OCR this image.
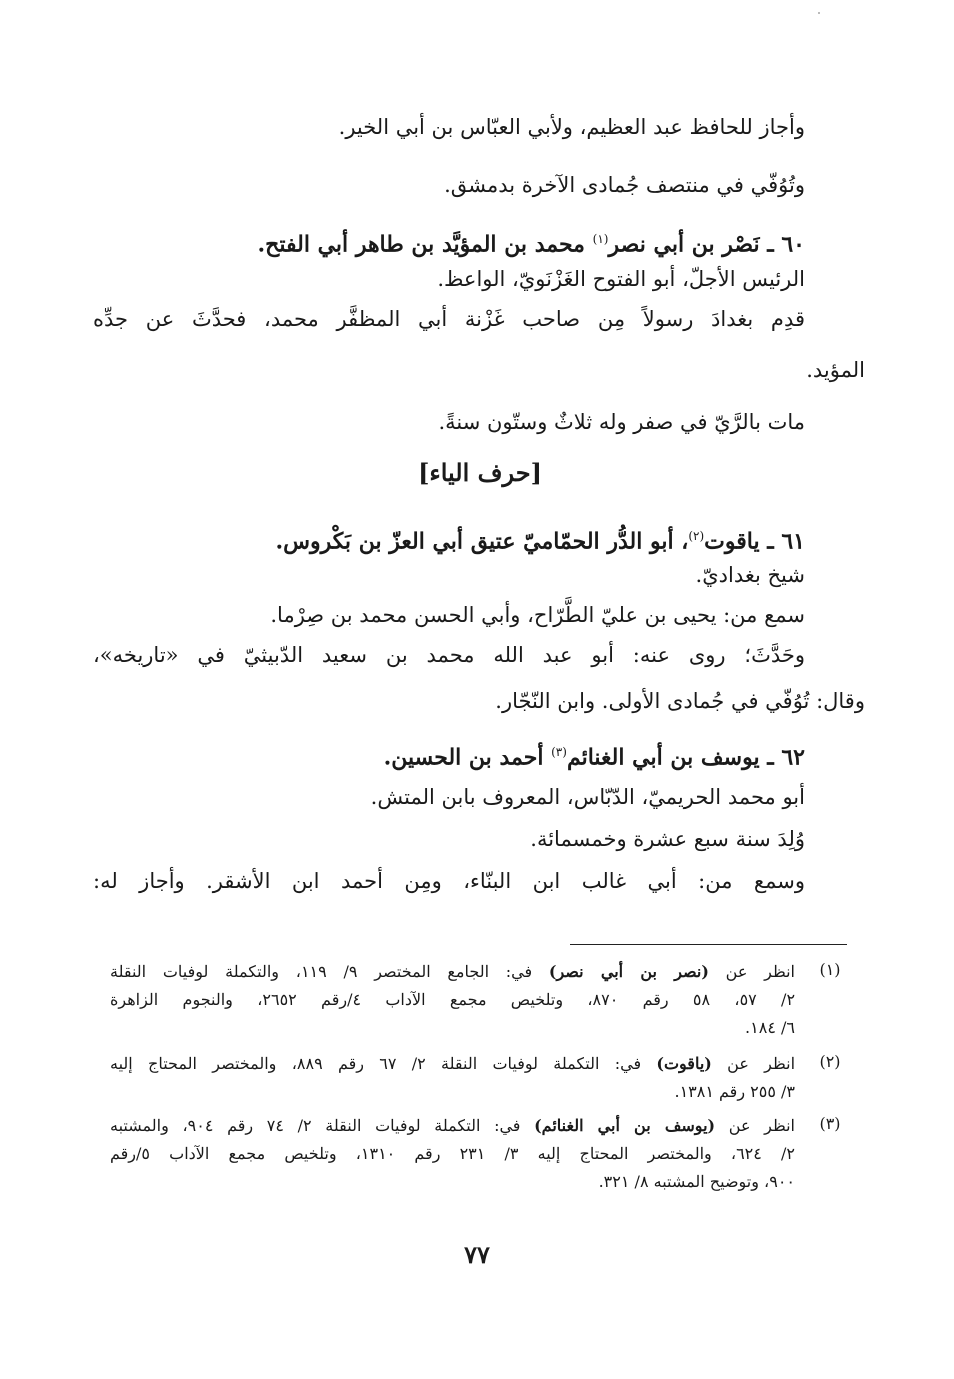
وأجاز للحافظ عبد العظيم، ولأبي العبّاس بن أبي الخير.
وتُوُفّي في منتصف جُمادى الآخرة بدمشق.
٦٠ ـ نَصْر بن أبي نصر$^{(١)}$ محمد بن المؤيَّد بن طاهر أبي الفتح.
الرئيس الأجلّ، أبو الفتوح الغَزْنَويّ، الواعظ.
قدِم بغدادَ رسولاً مِن صاحب غَزْنة أبي المظفَّر محمد، فحدَّثَ عن جدِّه
المؤيد.
مات بالرَّيّ في صفر وله ثلاثٌ وستّون سنةً.
[حرف الياء]
٦١ ـ ياقوت$^{(٢)}$، أبو الدُّر الحمّاميّ عتيق أبي العزّ بن بَكْروس.
شيخ بغداديّ.
سمع من: يحيى بن عليّ الطَّرّاح، وأبي الحسن محمد بن صِرْما.
وحَدَّثَ؛ روى عنه: أبو عبد الله محمد بن سعيد الدّبيثيّ في «تاريخه»،
وقال: تُوُفّي في جُمادى الأولى. وابن النّجّار.
٦٢ ـ يوسف بن أبي الغنائم$^{(٣)}$ أحمد بن الحسين.
أبو محمد الحريميّ، الدّبّاس، المعروف بابن المتش.
وُلِدَ سنة سبع عشرة وخمسمائة.
وسمع من: أبي غالب ابن البنّاء، ومِن أحمد ابن الأشقر. وأجاز له:
(١)
انظر عن (نصر بن أبي نصر) في: الجامع المختصر ٩/ ١١٩، والتكملة لوفيات النقلة
٢/ ٥٧، ٥٨ رقم ٨٧٠، وتلخيص مجمع الآداب ٤/رقم ٢٦٥٢، والنجوم الزاهرة
٦/ ١٨٤.
(٢)
انظر عن (ياقوت) في: التكملة لوفيات النقلة ٢/ ٦٧ رقم ٨٨٩، والمختصر المحتاج إليه
٣/ ٢٥٥ رقم ١٣٨١.
(٣)
انظر عن (يوسف بن أبي الغنائم) في: التكملة لوفيات النقلة ٢/ ٧٤ رقم ٩٠٤، والمشتبه
٢/ ٦٢٤، والمختصر المحتاج إليه ٣/ ٢٣١ رقم ١٣١٠، وتلخيص مجمع الآداب ٥/رقم
٩٠٠، وتوضيح المشتبه ٨/ ٣٢١.
٧٧
